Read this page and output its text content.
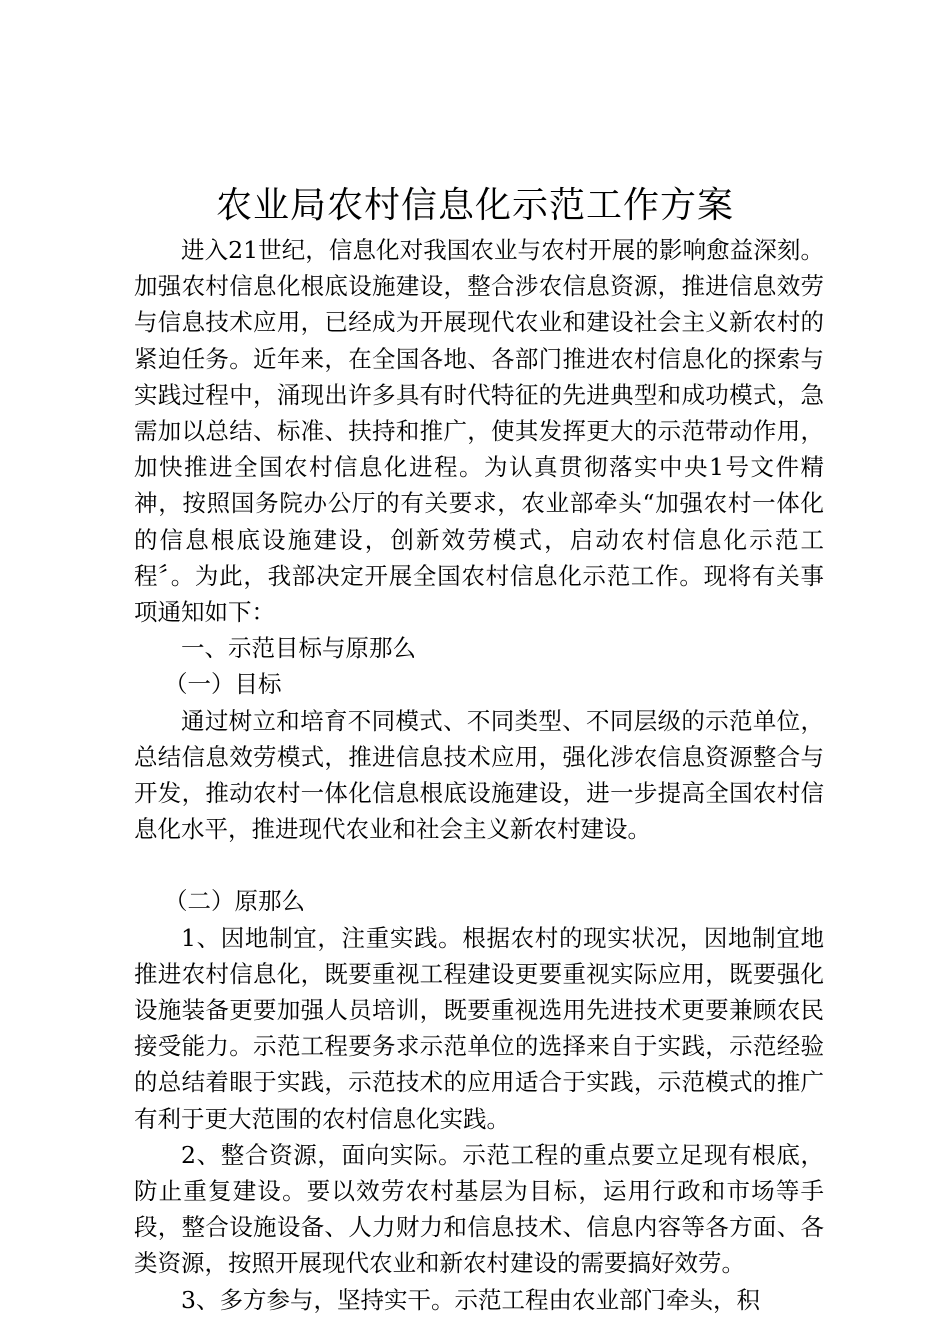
农业局农村信息化示范工作方案

进入21世纪，信息化对我国农业与农村开展的影响愈益深刻。加强农村信息化根底设施建设，整合涉农信息资源，推进信息效劳与信息技术应用，已经成为开展现代农业和建设社会主义新农村的紧迫任务。近年来，在全国各地、各部门推进农村信息化的探索与实践过程中，涌现出许多具有时代特征的先进典型和成功模式，急需加以总结、标准、扶持和推广，使其发挥更大的示范带动作用，加快推进全国农村信息化进程。为认真贯彻落实中央1号文件精神，按照国务院办公厅的有关要求，农业部牵头“加强农村一体化的信息根底设施建设，创新效劳模式，启动农村信息化示范工程〞。为此，我部决定开展全国农村信息化示范工作。现将有关事项通知如下：

一、示范目标与原那么

（一）目标

通过树立和培育不同模式、不同类型、不同层级的示范单位，总结信息效劳模式，推进信息技术应用，强化涉农信息资源整合与开发，推动农村一体化信息根底设施建设，进一步提高全国农村信息化水平，推进现代农业和社会主义新农村建设。

（二）原那么

1、因地制宜，注重实践。根据农村的现实状况，因地制宜地推进农村信息化，既要重视工程建设更要重视实际应用，既要强化设施装备更要加强人员培训，既要重视选用先进技术更要兼顾农民接受能力。示范工程要务求示范单位的选择来自于实践，示范经验的总结着眼于实践，示范技术的应用适合于实践，示范模式的推广有利于更大范围的农村信息化实践。

2、整合资源，面向实际。示范工程的重点要立足现有根底，防止重复建设。要以效劳农村基层为目标，运用行政和市场等手段，整合设施设备、人力财力和信息技术、信息内容等各方面、各类资源，按照开展现代农业和新农村建设的需要搞好效劳。

3、多方参与，坚持实干。示范工程由农业部门牵头，积
